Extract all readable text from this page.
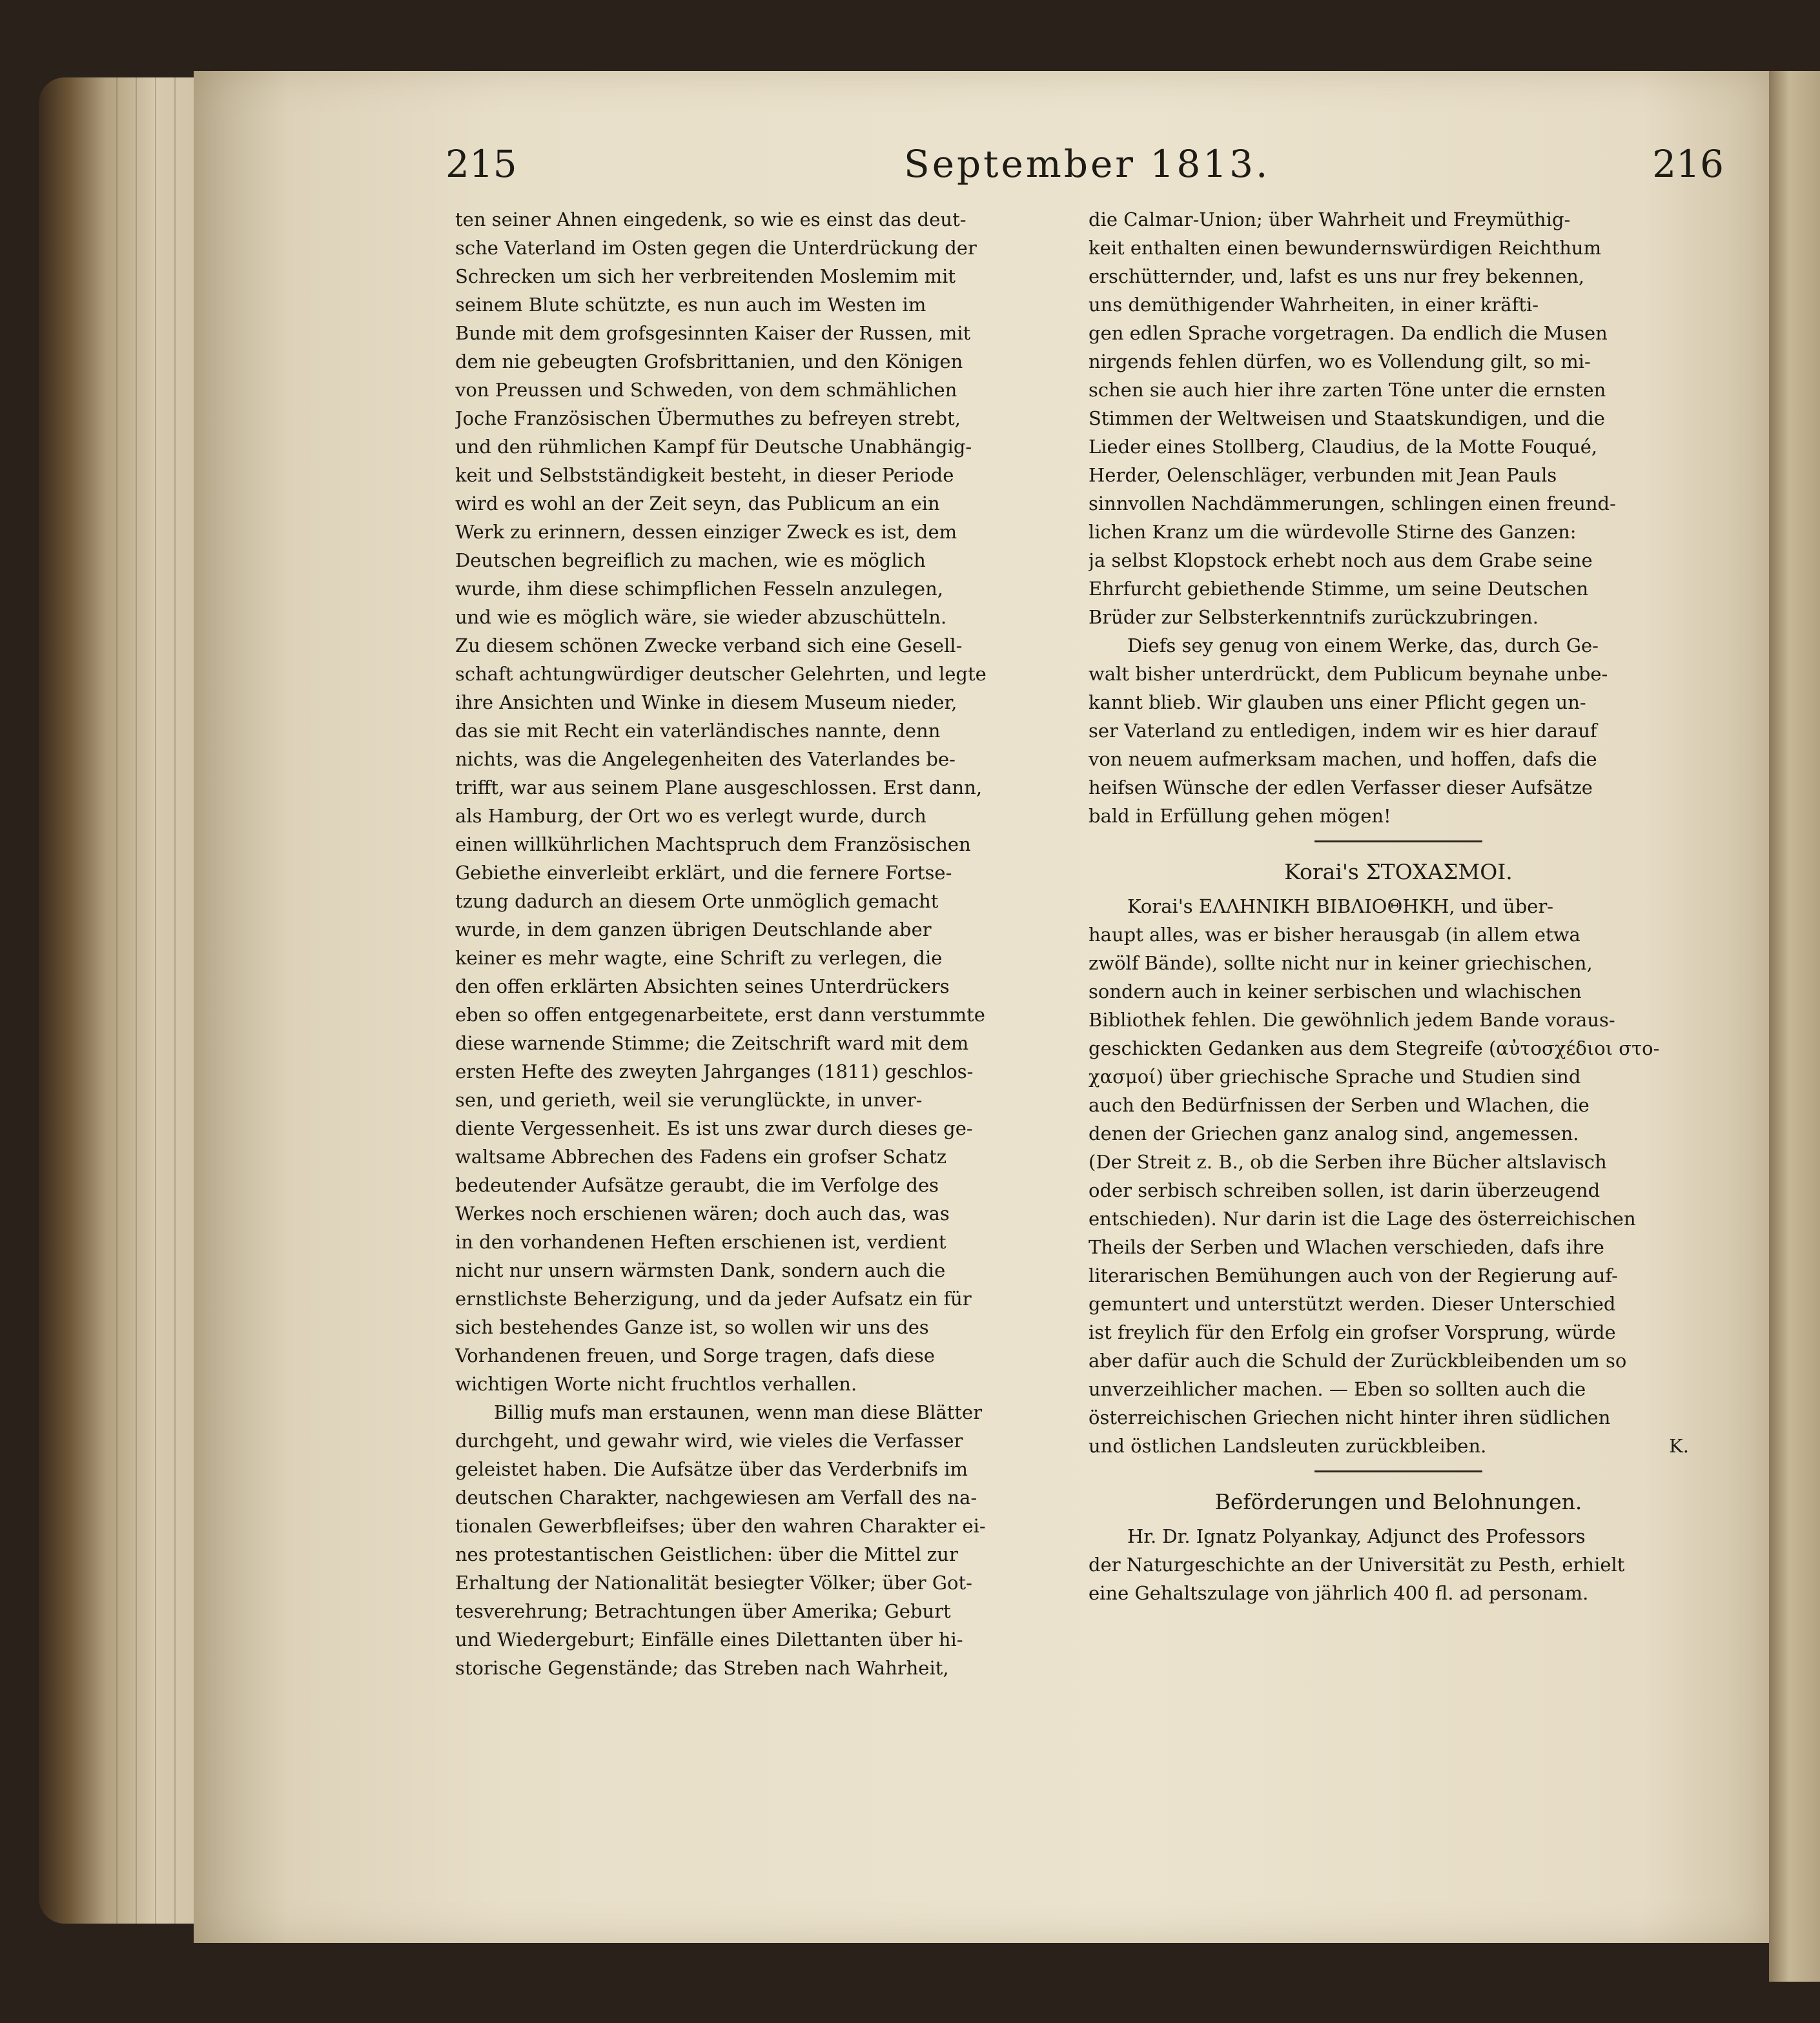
215	September 1813.	216
ten seiner Ahnen eingedenk, so wie es einst das deut-
sche Vaterland im Osten gegen die Unterdrückung der
Schrecken um sich her verbreitenden Moslemim mit
seinem Blute schützte, es nun auch im Westen im
Bunde mit dem grofsgesinnten Kaiser der Russen, mit
dem nie gebeugten Grofsbrittanien, und den Königen
von Preussen und Schweden, von dem schmählichen
Joche Französischen Übermuthes zu befreyen strebt,
und den rühmlichen Kampf für Deutsche Unabhängig-
keit und Selbstständigkeit besteht, in dieser Periode
wird es wohl an der Zeit seyn, das Publicum an ein
Werk zu erinnern, dessen einziger Zweck es ist, dem
Deutschen begreiflich zu machen, wie es möglich
wurde, ihm diese schimpflichen Fesseln anzulegen,
und wie es möglich wäre, sie wieder abzuschütteln.
Zu diesem schönen Zwecke verband sich eine Gesell-
schaft achtungwürdiger deutscher Gelehrten, und legte
ihre Ansichten und Winke in diesem Museum nieder,
das sie mit Recht ein vaterländisches nannte, denn
nichts, was die Angelegenheiten des Vaterlandes be-
trifft, war aus seinem Plane ausgeschlossen. Erst dann,
als Hamburg, der Ort wo es verlegt wurde, durch
einen willkührlichen Machtspruch dem Französischen
Gebiethe einverleibt erklärt, und die fernere Fortse-
tzung dadurch an diesem Orte unmöglich gemacht
wurde, in dem ganzen übrigen Deutschlande aber
keiner es mehr wagte, eine Schrift zu verlegen, die
den offen erklärten Absichten seines Unterdrückers
eben so offen entgegenarbeitete, erst dann verstummte
diese warnende Stimme; die Zeitschrift ward mit dem
ersten Hefte des zweyten Jahrganges (1811) geschlos-
sen, und gerieth, weil sie verunglückte, in unver-
diente Vergessenheit. Es ist uns zwar durch dieses ge-
waltsame Abbrechen des Fadens ein grofser Schatz
bedeutender Aufsätze geraubt, die im Verfolge des
Werkes noch erschienen wären; doch auch das, was
in den vorhandenen Heften erschienen ist, verdient
nicht nur unsern wärmsten Dank, sondern auch die
ernstlichste Beherzigung, und da jeder Aufsatz ein für
sich bestehendes Ganze ist, so wollen wir uns des
Vorhandenen freuen, und Sorge tragen, dafs diese
wichtigen Worte nicht fruchtlos verhallen.
Billig mufs man erstaunen, wenn man diese Blätter
durchgeht, und gewahr wird, wie vieles die Verfasser
geleistet haben. Die Aufsätze über das Verderbnifs im
deutschen Charakter, nachgewiesen am Verfall des na-
tionalen Gewerbfleifses; über den wahren Charakter ei-
nes protestantischen Geistlichen: über die Mittel zur
Erhaltung der Nationalität besiegter Völker; über Got-
tesverehrung; Betrachtungen über Amerika; Geburt
und Wiedergeburt; Einfälle eines Dilettanten über hi-
storische Gegenstände; das Streben nach Wahrheit,
die Calmar-Union; über Wahrheit und Freymüthig-
keit enthalten einen bewundernswürdigen Reichthum
erschütternder, und, lafst es uns nur frey bekennen,
uns demüthigender Wahrheiten, in einer kräfti-
gen edlen Sprache vorgetragen. Da endlich die Musen
nirgends fehlen dürfen, wo es Vollendung gilt, so mi-
schen sie auch hier ihre zarten Töne unter die ernsten
Stimmen der Weltweisen und Staatskundigen, und die
Lieder eines Stollberg, Claudius, de la Motte Fouqué,
Herder, Oelenschläger, verbunden mit Jean Pauls
sinnvollen Nachdämmerungen, schlingen einen freund-
lichen Kranz um die würdevolle Stirne des Ganzen:
ja selbst Klopstock erhebt noch aus dem Grabe seine
Ehrfurcht gebiethende Stimme, um seine Deutschen
Brüder zur Selbsterkenntnifs zurückzubringen.
Diefs sey genug von einem Werke, das, durch Ge-
walt bisher unterdrückt, dem Publicum beynahe unbe-
kannt blieb. Wir glauben uns einer Pflicht gegen un-
ser Vaterland zu entledigen, indem wir es hier darauf
von neuem aufmerksam machen, und hoffen, dafs die
heifsen Wünsche der edlen Verfasser dieser Aufsätze
bald in Erfüllung gehen mögen!
Korai's ΣΤΟΧΑΣΜΟΙ.
Korai's ΕΛΛΗΝΙΚΗ ΒΙΒΛΙΟΘΗΚΗ, und über-
haupt alles, was er bisher herausgab (in allem etwa
zwölf Bände), sollte nicht nur in keiner griechischen,
sondern auch in keiner serbischen und wlachischen
Bibliothek fehlen. Die gewöhnlich jedem Bande voraus-
geschickten Gedanken aus dem Stegreife (αὐτοσχέδιοι στο-
χασμοί) über griechische Sprache und Studien sind
auch den Bedürfnissen der Serben und Wlachen, die
denen der Griechen ganz analog sind, angemessen.
(Der Streit z. B., ob die Serben ihre Bücher altslavisch
oder serbisch schreiben sollen, ist darin überzeugend
entschieden). Nur darin ist die Lage des österreichischen
Theils der Serben und Wlachen verschieden, dafs ihre
literarischen Bemühungen auch von der Regierung auf-
gemuntert und unterstützt werden. Dieser Unterschied
ist freylich für den Erfolg ein grofser Vorsprung, würde
aber dafür auch die Schuld der Zurückbleibenden um so
unverzeihlicher machen. — Eben so sollten auch die
österreichischen Griechen nicht hinter ihren südlichen
und östlichen Landsleuten zurückbleiben.	K.
Beförderungen und Belohnungen.
Hr. Dr. Ignatz Polyankay, Adjunct des Professors
der Naturgeschichte an der Universität zu Pesth, erhielt
eine Gehaltszulage von jährlich 400 fl. ad personam.
